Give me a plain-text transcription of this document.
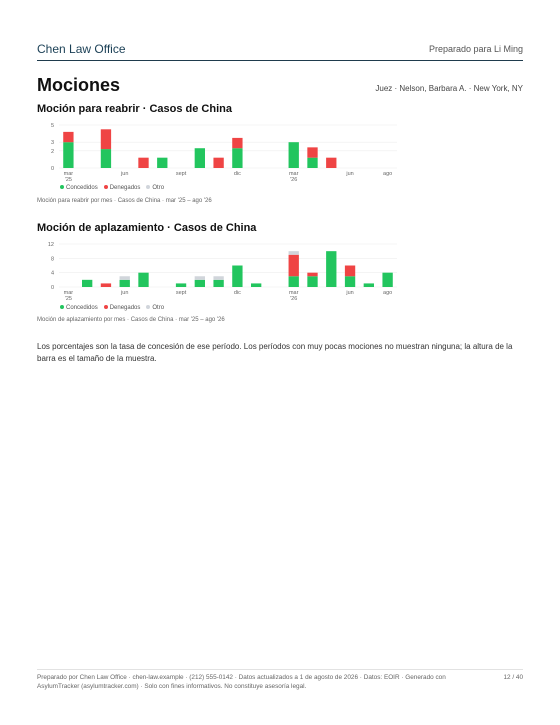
Chen Law Office	Preparado para Li Ming
Mociones	Juez · Nelson, Barbara A. · New York, NY
Moción para reabrir · Casos de China
0
2
3
5
mar
'25
jun	sept	dic	mar
'26
jun	ago
Concedidos	Denegados	Otro
Moción para reabrir por mes · Casos de China · mar '25 – ago '26
Moción de aplazamiento · Casos de China
0
4
8
12
mar
'25
jun	sept	dic	mar
'26
jun	ago
Concedidos	Denegados	Otro
Moción de aplazamiento por mes · Casos de China · mar '25 – ago '26
Los porcentajes son la tasa de concesión de ese período. Los períodos con muy pocas mociones no muestran ninguna; la altura de la barra es el tamaño de la muestra.
Preparado por Chen Law Office · chen-law.example · (212) 555-0142 · Datos actualizados a 1 de agosto de 2026 · Datos: EOIR · Generado con AsylumTracker (asylumtracker.com) · Solo con fines informativos. No constituye asesoría legal.
12 / 40
